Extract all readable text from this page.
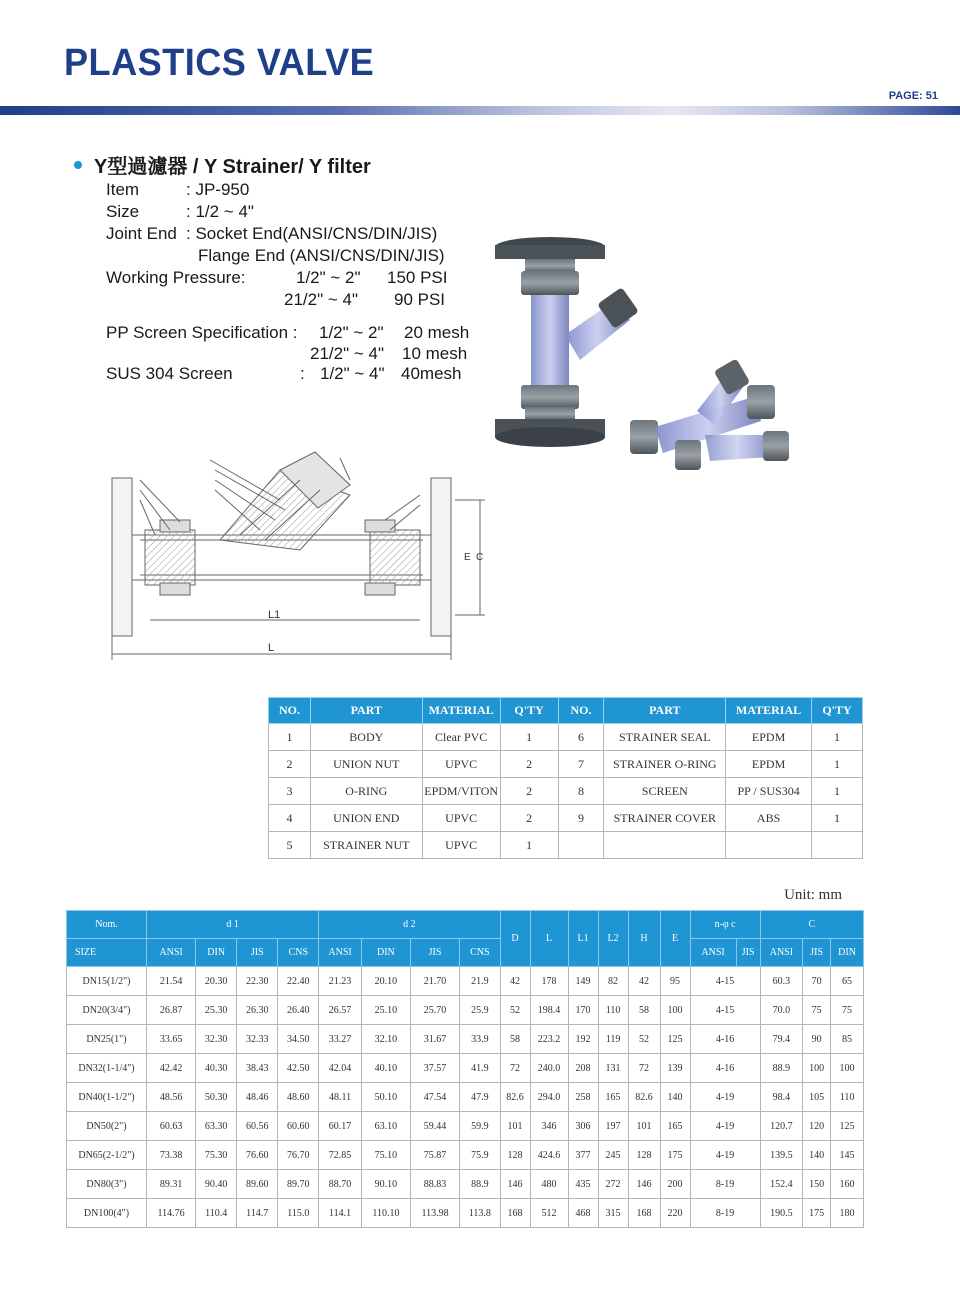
PLASTICS VALVE
PAGE: 51
Y型過濾器 / Y Strainer/ Y filter
Item	: JP-950
Size	: 1/2 ~ 4"
Joint End : Socket End(ANSI/CNS/DIN/JIS)
Flange End (ANSI/CNS/DIN/JIS)
Working Pressure:	1/2" ~ 2" 150 PSI
21/2" ~ 4" 90 PSI
PP Screen Specification : 1/2" ~ 2" 20 mesh
21/2" ~ 4" 10 mesh
SUS 304 Screen	: 1/2" ~ 4" 40mesh
L1
L
E C
NO.	PART	MATERIAL	Q'TY	NO.	PART	MATERIAL	Q'TY
1	BODY	Clear PVC	1	6	STRAINER SEAL	EPDM	1
2	UNION NUT	UPVC	2	7	STRAINER O-RING	EPDM	1
3	O-RING	EPDM/VITON	2	8	SCREEN	PP / SUS304	1
4	UNION END	UPVC	2	9	STRAINER COVER	ABS	1
5	STRAINER NUT	UPVC	1				
Unit: mm
Nom.	d 1				d 2				D	L	L1	L2	H	E	n-φ c		C		
SIZE	ANSI	DIN	JIS	CNS	ANSI	DIN	JIS	CNS							ANSI	JIS	ANSI	JIS	DIN
DN15(1/2")	21.54	20.30	22.30	22.40	21.23	20.10	21.70	21.9	42	178	149	82	42	95	4-15		60.3	70	65
DN20(3/4")	26.87	25.30	26.30	26.40	26.57	25.10	25.70	25.9	52	198.4	170	110	58	100	4-15		70.0	75	75
DN25(1")	33.65	32.30	32.33	34.50	33.27	32.10	31.67	33.9	58	223.2	192	119	52	125	4-16		79.4	90	85
DN32(1-1/4")	42.42	40.30	38.43	42.50	42.04	40.10	37.57	41.9	72	240.0	208	131	72	139	4-16		88.9	100	100
DN40(1-1/2")	48.56	50.30	48.46	48.60	48.11	50.10	47.54	47.9	82.6	294.0	258	165	82.6	140	4-19		98.4	105	110
DN50(2")	60.63	63.30	60.56	60.60	60.17	63.10	59.44	59.9	101	346	306	197	101	165	4-19		120.7	120	125
DN65(2-1/2")	73.38	75.30	76.60	76.70	72.85	75.10	75.87	75.9	128	424.6	377	245	128	175	4-19		139.5	140	145
DN80(3")	89.31	90.40	89.60	89.70	88.70	90.10	88.83	88.9	146	480	435	272	146	200	8-19		152.4	150	160
DN100(4")	114.76	110.4	114.7	115.0	114.1	110.10	113.98	113.8	168	512	468	315	168	220	8-19		190.5	175	180
